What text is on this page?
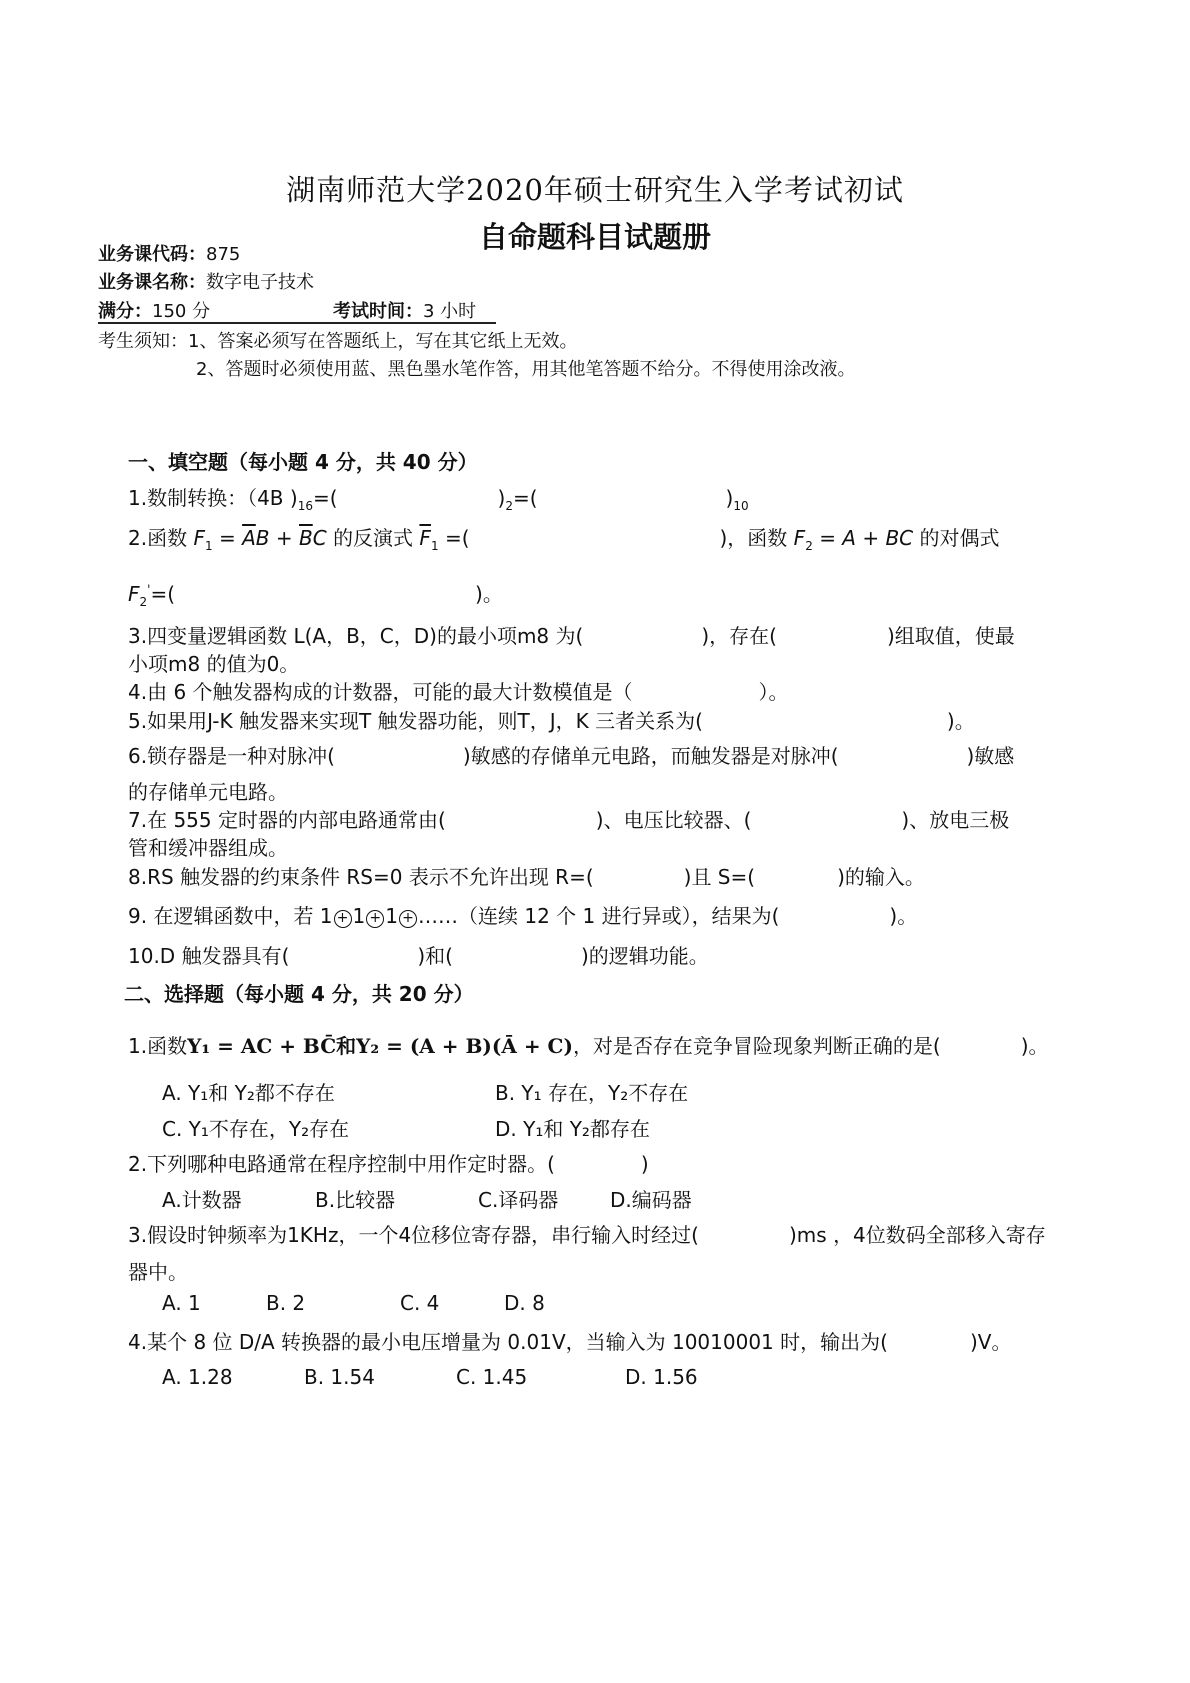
湖南师范大学2020年硕士研究生入学考试初试
自命题科目试题册
业务课代码：875
业务课名称：数字电子技术
满分：150 分	考试时间：3 小时
考生须知：1、答案必须写在答题纸上，写在其它纸上无效。
2、答题时必须使用蓝、黑色墨水笔作答，用其他笔答题不给分。不得使用涂改液。
一、填空题（每小题 4 分，共 40 分）
1.数制转换：（4B )$_{16}=$(	)$_2=$(	)$_{10}$
2.函数 $F_1 = \overline{A}B + \overline{B}C$ 的反演式 $\overline{F}_1$ =(	)，函数 $F_2 = A$ + BC 的对偶式
$F_2'=$(	)。
3.四变量逻辑函数 L(A，B，C，D)的最小项m8 为(	)，存在(	)组取值，使最
小项m8 的值为0。
4.由 6 个触发器构成的计数器，可能的最大计数模值是（	）。
5.如果用J-K 触发器来实现T 触发器功能，则T，J，K 三者关系为(	)。
6.锁存器是一种对脉冲(	)敏感的存储单元电路，而触发器是对脉冲(	)敏感
的存储单元电路。
7.在 555 定时器的内部电路通常由(	)、电压比较器、(	)、放电三极
管和缓冲器组成。
8.RS 触发器的约束条件 RS=0 表示不允许出现 R=(	)且 S=(	)的输入。
9. 在逻辑函数中，若 1 + 1 + 1 + ……（连续 12 个 1 进行异或），结果为(	)。
10.D 触发器具有(	)和(	)的逻辑功能。
二、选择题（每小题 4 分，共 20 分）
1.函数Y₁ = AC + BC̄和Y₂ = (A + B)(Ā + C)，对是否存在竞争冒险现象判断正确的是(	)。
A. Y₁和 Y₂都不存在	B. Y₁ 存在，Y₂不存在
C. Y₁不存在，Y₂存在	D. Y₁和 Y₂都存在
2.下列哪种电路通常在程序控制中用作定时器。(	)
A.计数器	B.比较器	C.译码器	D.编码器
3.假设时钟频率为1KHz，一个4位移位寄存器，串行输入时经过(	)ms ，4位数码全部移入寄存
器中。
A. 1	B. 2	C. 4	D. 8
4.某个 8 位 D/A 转换器的最小电压增量为 0.01V，当输入为 10010001 时，输出为(	)V。
A. 1.28	B. 1.54	C. 1.45	D. 1.56
